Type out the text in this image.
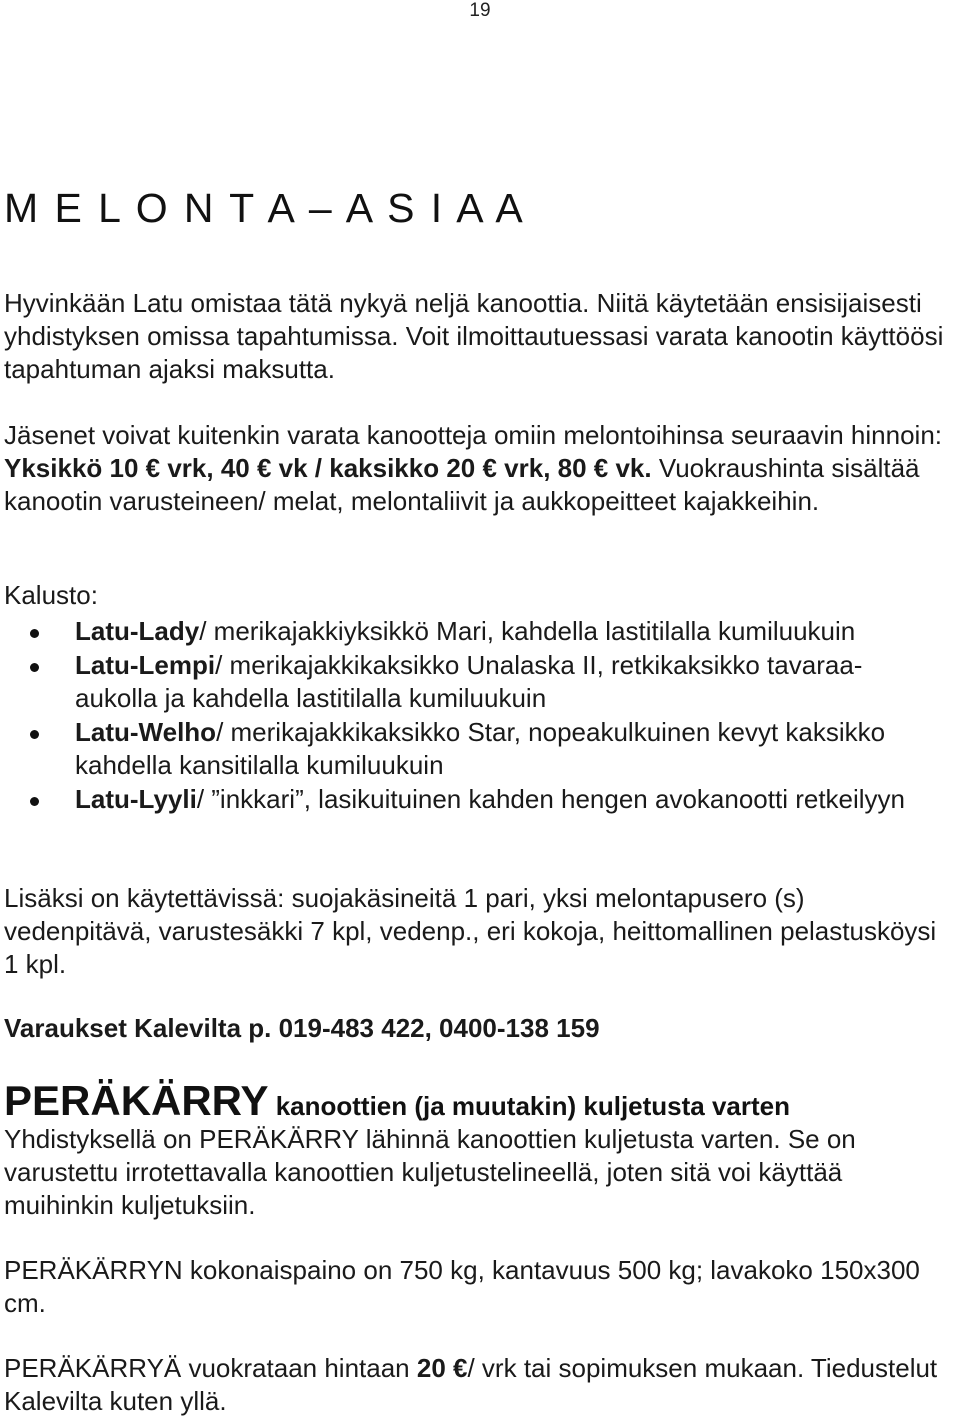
19
M E L O N T A – A S I A A

Hyvinkään Latu omistaa tätä nykyä neljä kanoottia. Niitä käytetään ensisijaisesti yhdistyksen omissa tapahtumissa. Voit ilmoittautuessasi varata kanootin käyttöösi tapahtuman ajaksi maksutta.

Jäsenet voivat kuitenkin varata kanootteja omiin melontoihinsa seuraavin hinnoin: Yksikkö 10 € vrk, 40 € vk / kaksikko 20 € vrk, 80 € vk. Vuokraushinta sisältää kanootin varusteineen/ melat, melontaliivit ja aukkopeitteet kajakkeihin.

Kalusto:

Latu-Lady/ merikajakkiyksikkö Mari, kahdella lastitilalla kumiluukuin
Latu-Lempi/ merikajakkikaksikko Unalaska II, retkikaksikko tavaraa-aukolla ja kahdella lastitilalla kumiluukuin
Latu-Welho/ merikajakkikaksikko Star, nopeakulkuinen kevyt kaksikko kahdella kansitilalla kumiluukuin
Latu-Lyyli/ ”inkkari”, lasikuituinen kahden hengen avokanootti retkeilyyn

Lisäksi on käytettävissä: suojakäsineitä 1 pari, yksi melontapusero (s) vedenpitävä, varustesäkki 7 kpl, vedenp., eri kokoja, heittomallinen pelastusköysi 1 kpl.

Varaukset Kalevilta p. 019-483 422, 0400-138 159

PERÄKÄRRY kanoottien (ja muutakin) kuljetusta varten

Yhdistyksellä on PERÄKÄRRY lähinnä kanoottien kuljetusta varten. Se on varustettu irrotettavalla kanoottien kuljetustelineellä, joten sitä voi käyttää muihinkin kuljetuksiin.

PERÄKÄRRYN kokonaispaino on 750 kg, kantavuus 500 kg; lavakoko 150x300 cm.

PERÄKÄRRYÄ vuokrataan hintaan 20 €/ vrk tai sopimuksen mukaan. Tiedustelut Kalevilta kuten yllä.
